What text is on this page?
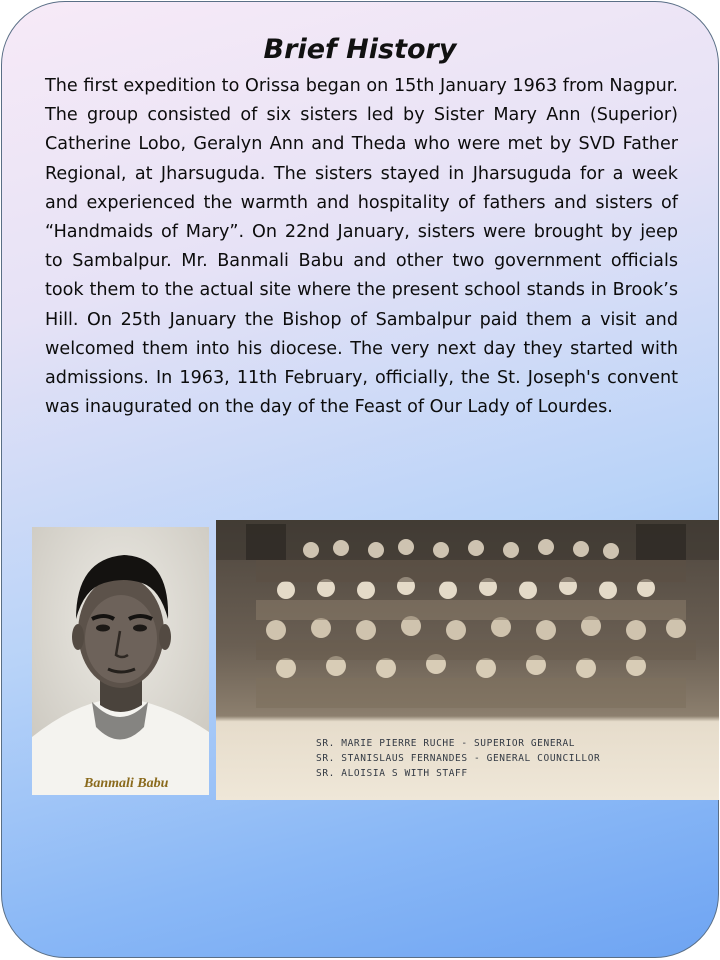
Brief History

The first expedition to Orissa began on 15th January 1963 from Nagpur. The group consisted of six sisters led by Sister Mary Ann (Superior) Catherine Lobo, Geralyn Ann and Theda who were met by SVD Father Regional, at Jharsuguda. The sisters stayed in Jharsuguda for a week and experienced the warmth and hospitality of fathers and sisters of “Handmaids of Mary”. On 22nd January, sisters were brought by jeep to Sambalpur. Mr. Banmali Babu and other two government officials took them to the actual site where the present school stands in Brook’s Hill. On 25th January the Bishop of Sambalpur paid them a visit and welcomed them into his diocese. The very next day they started with admissions. In 1963, 11th February, officially, the St. Joseph's convent was inaugurated on the day of the Feast of Our Lady of Lourdes.

Banmali Babu
SR. MARIE PIERRE RUCHE - SUPERIOR GENERAL
SR. STANISLAUS FERNANDES - GENERAL COUNCILLOR
SR. ALOISIA S WITH STAFF
